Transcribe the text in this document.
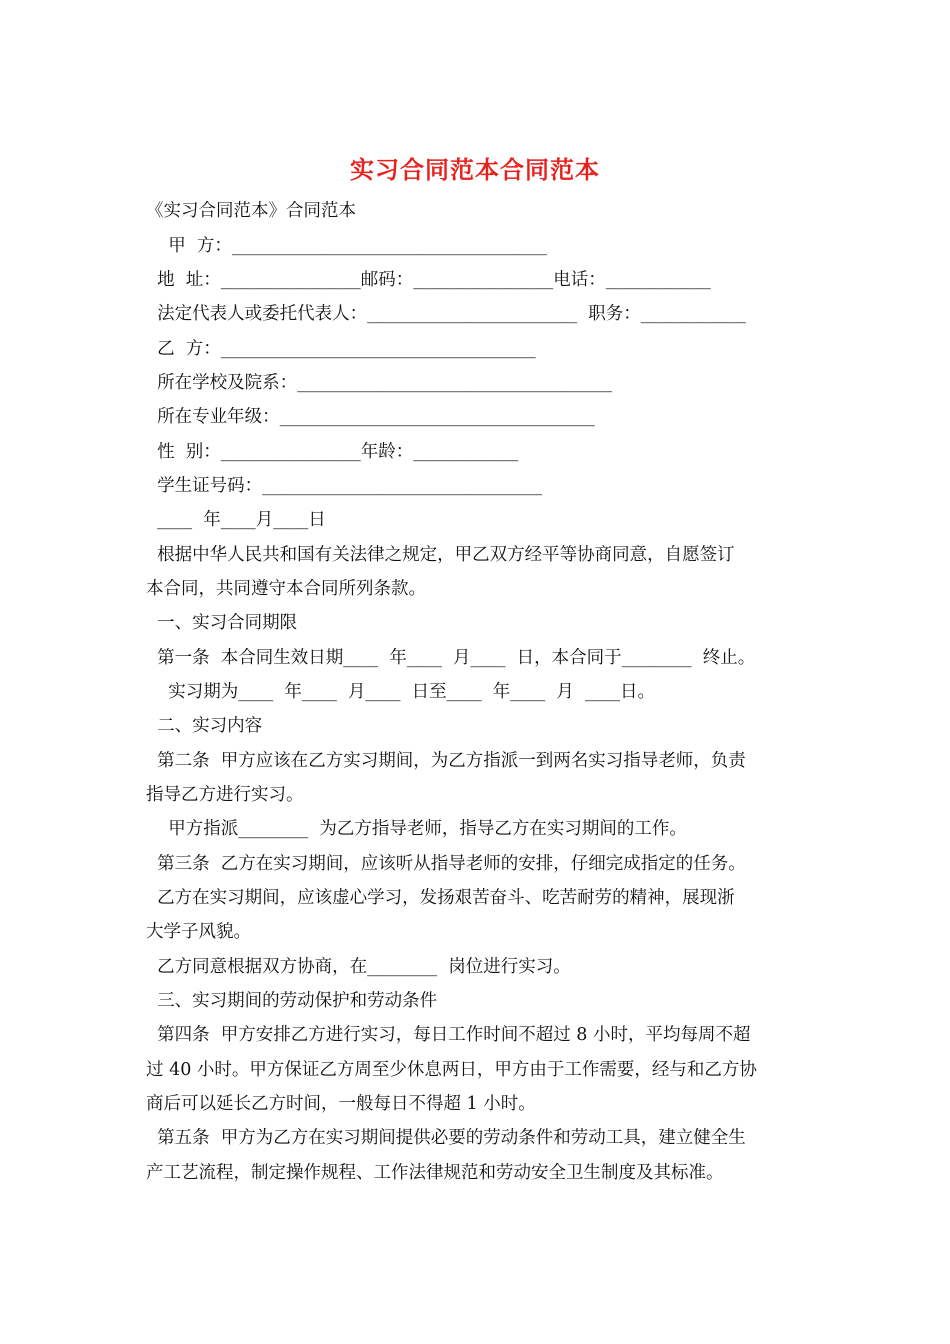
实习合同范本合同范本
《实习合同范本》合同范本
甲  方：____________________________________
地  址：________________邮码：________________电话：____________
法定代表人或委托代表人：________________________  职务：____________
乙  方：____________________________________
所在学校及院系：____________________________________
所在专业年级：____________________________________
性  别：________________年龄：____________
学生证号码：________________________________
____  年____月____日
根据中华人民共和国有关法律之规定，甲乙双方经平等协商同意，自愿签订
本合同，共同遵守本合同所列条款。
一、实习合同期限
第一条  本合同生效日期____  年____  月____  日，本合同于________  终止。
实习期为____  年____  月____  日至____  年____  月  ____日。
二、实习内容
第二条  甲方应该在乙方实习期间，为乙方指派一到两名实习指导老师，负责
指导乙方进行实习。
甲方指派________  为乙方指导老师，指导乙方在实习期间的工作。
第三条  乙方在实习期间，应该听从指导老师的安排，仔细完成指定的任务。
乙方在实习期间，应该虚心学习，发扬艰苦奋斗、吃苦耐劳的精神，展现浙
大学子风貌。
乙方同意根据双方协商，在________  岗位进行实习。
三、实习期间的劳动保护和劳动条件
第四条  甲方安排乙方进行实习，每日工作时间不超过 8 小时，平均每周不超
过 40 小时。甲方保证乙方周至少休息两日，甲方由于工作需要，经与和乙方协
商后可以延长乙方时间，一般每日不得超 1 小时。
第五条  甲方为乙方在实习期间提供必要的劳动条件和劳动工具，建立健全生
产工艺流程，制定操作规程、工作法律规范和劳动安全卫生制度及其标准。
